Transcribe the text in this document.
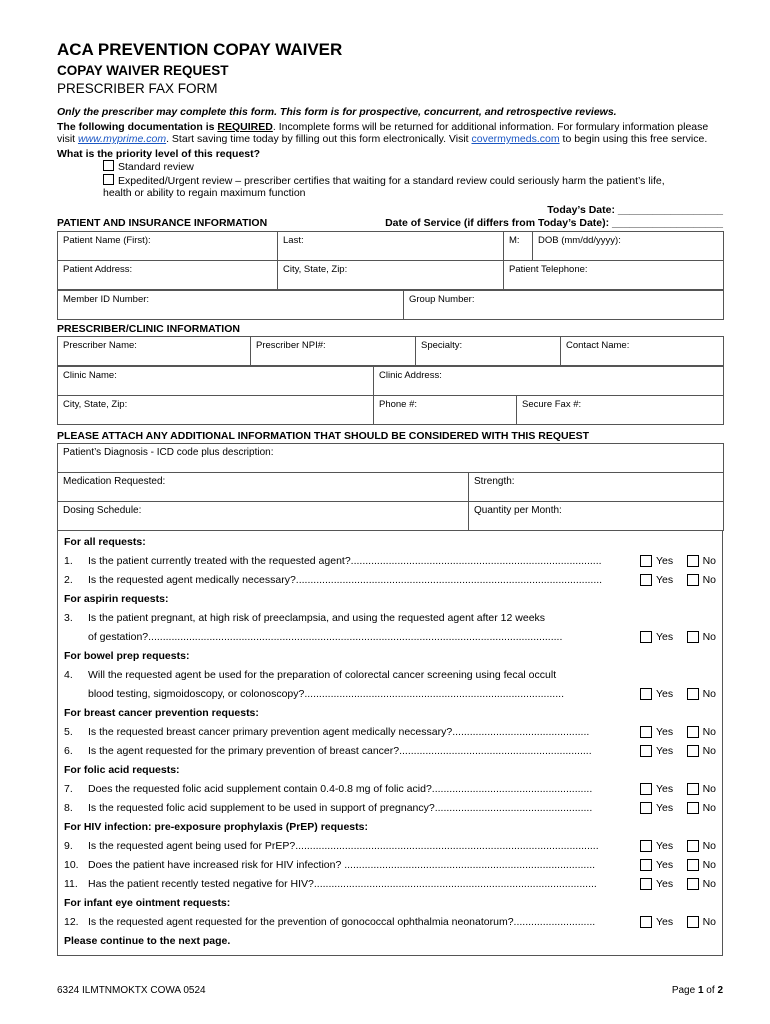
ACA PREVENTION COPAY WAIVER
COPAY WAIVER REQUEST
PRESCRIBER FAX FORM

Only the prescriber may complete this form. This form is for prospective, concurrent, and retrospective reviews.

The following documentation is REQUIRED. Incomplete forms will be returned for additional information. For formulary information please visit www.myprime.com. Start saving time today by filling out this form electronically. Visit covermymeds.com to begin using this free service.

What is the priority level of this request?

Standard review

Expedited/Urgent review – prescriber certifies that waiting for a standard review could seriously harm the patient’s life,

health or ability to regain maximum function

Today’s Date: __________________
PATIENT AND INSURANCE INFORMATION	Date of Service (if differs from Today’s Date): ___________________
Patient Name (First):	Last:	M:	DOB (mm/dd/yyyy):
Patient Address:	City, State, Zip:	Patient Telephone:	
Member ID Number:	Group Number:
PRESCRIBER/CLINIC INFORMATION
Prescriber Name:	Prescriber NPI#:	Specialty:	Contact Name:
Clinic Name:	Clinic Address:	
City, State, Zip:	Phone #:	Secure Fax #:
PLEASE ATTACH ANY ADDITIONAL INFORMATION THAT SHOULD BE CONSIDERED WITH THIS REQUEST
Patient’s Diagnosis - ICD code plus description:	
Medication Requested:	Strength:
Dosing Schedule:	Quantity per Month:
For all requests:
1.	Is the patient currently treated with the requested agent?......................................................................................	Yes	No
2.	Is the requested agent medically necessary?.........................................................................................................	Yes	No
For aspirin requests:
3.	Is the patient pregnant, at high risk of preeclampsia, and using the requested agent after 12 weeks
of gestation?..............................................................................................................................................	Yes	No
For bowel prep requests:
4.	Will the requested agent be used for the preparation of colorectal cancer screening using fecal occult
blood testing, sigmoidoscopy, or colonoscopy?.........................................................................................	Yes	No
For breast cancer prevention requests:
5.	Is the requested breast cancer primary prevention agent medically necessary?...............................................	Yes	No
6.	Is the agent requested for the primary prevention of breast cancer?..................................................................	Yes	No
For folic acid requests:
7.	Does the requested folic acid supplement contain 0.4-0.8 mg of folic acid?.......................................................	Yes	No
8.	Is the requested folic acid supplement to be used in support of pregnancy?......................................................	Yes	No
For HIV infection: pre-exposure prophylaxis (PrEP) requests:
9.	Is the requested agent being used for PrEP?........................................................................................................	Yes	No
10. Does the patient have increased risk for HIV infection? ......................................................................................	Yes	No
11. Has the patient recently tested negative for HIV?.................................................................................................	Yes	No
For infant eye ointment requests:
12. Is the requested agent requested for the prevention of gonococcal ophthalmia neonatorum?............................	Yes	No
Please continue to the next page.
6324 ILMTNMOKTX COWA 0524	Page 1 of 2
